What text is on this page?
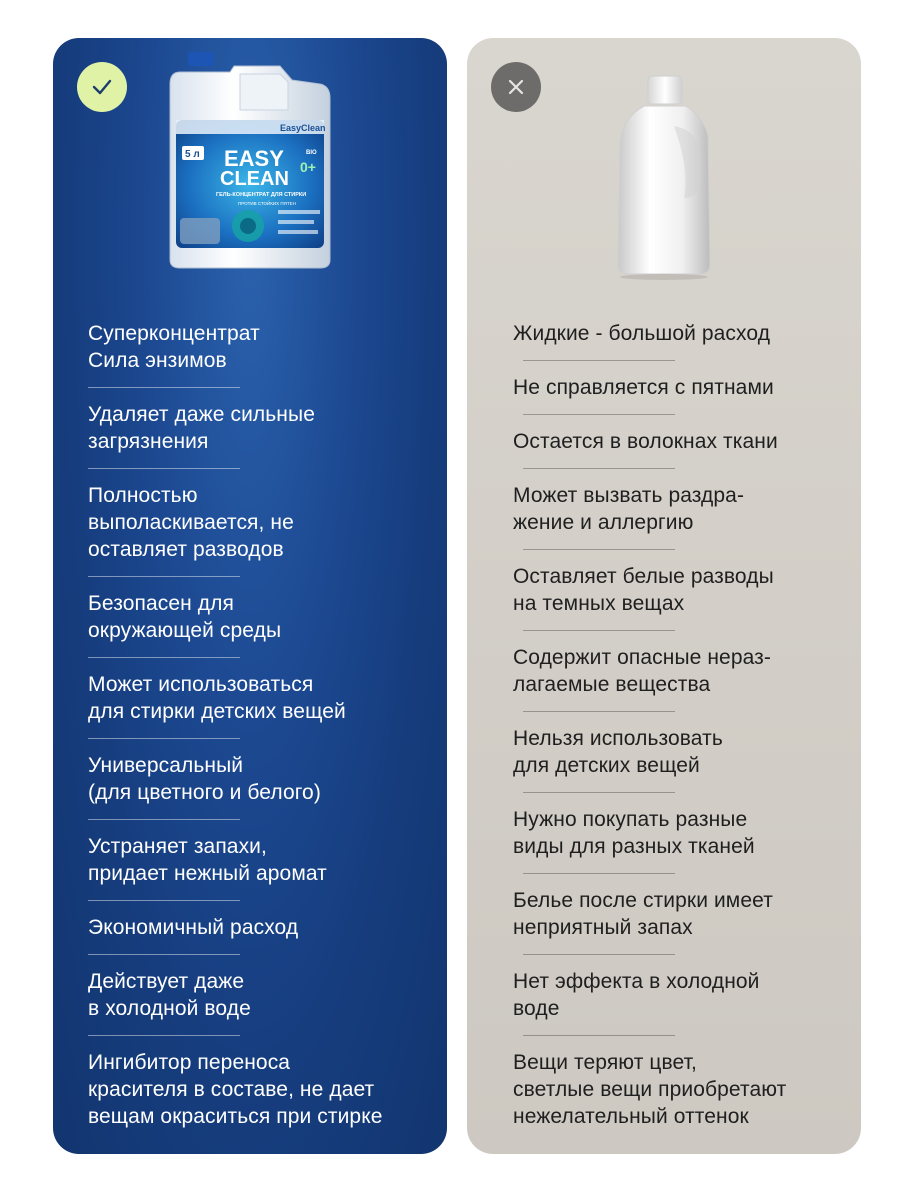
EasyClean
5 л EASY
CLEAN
BIO
0+
ГЕЛЬ-КОНЦЕНТРАТ ДЛЯ СТИРКИ
ПРОТИВ СТОЙКИХ ПЯТЕН
Суперконцентрат
Сила энзимов
Удаляет даже сильные
загрязнения
Полностью
выполаскивается, не
оставляет разводов
Безопасен для
окружающей среды
Может использоваться
для стирки детских вещей
Универсальный
(для цветного и белого)
Устраняет запахи,
придает нежный аромат
Экономичный расход
Действует даже
в холодной воде
Ингибитор переноса
красителя в составе, не дает
вещам окраситься при стирке
Жидкие - большой расход
Не справляется с пятнами
Остается в волокнах ткани
Может вызвать раздра-
жение и аллергию
Оставляет белые разводы
на темных вещах
Содержит опасные нераз-
лагаемые вещества
Нельзя использовать
для детских вещей
Нужно покупать разные
виды для разных тканей
Белье после стирки имеет
неприятный запах
Нет эффекта в холодной
воде
Вещи теряют цвет,
светлые вещи приобретают
нежелательный оттенок
